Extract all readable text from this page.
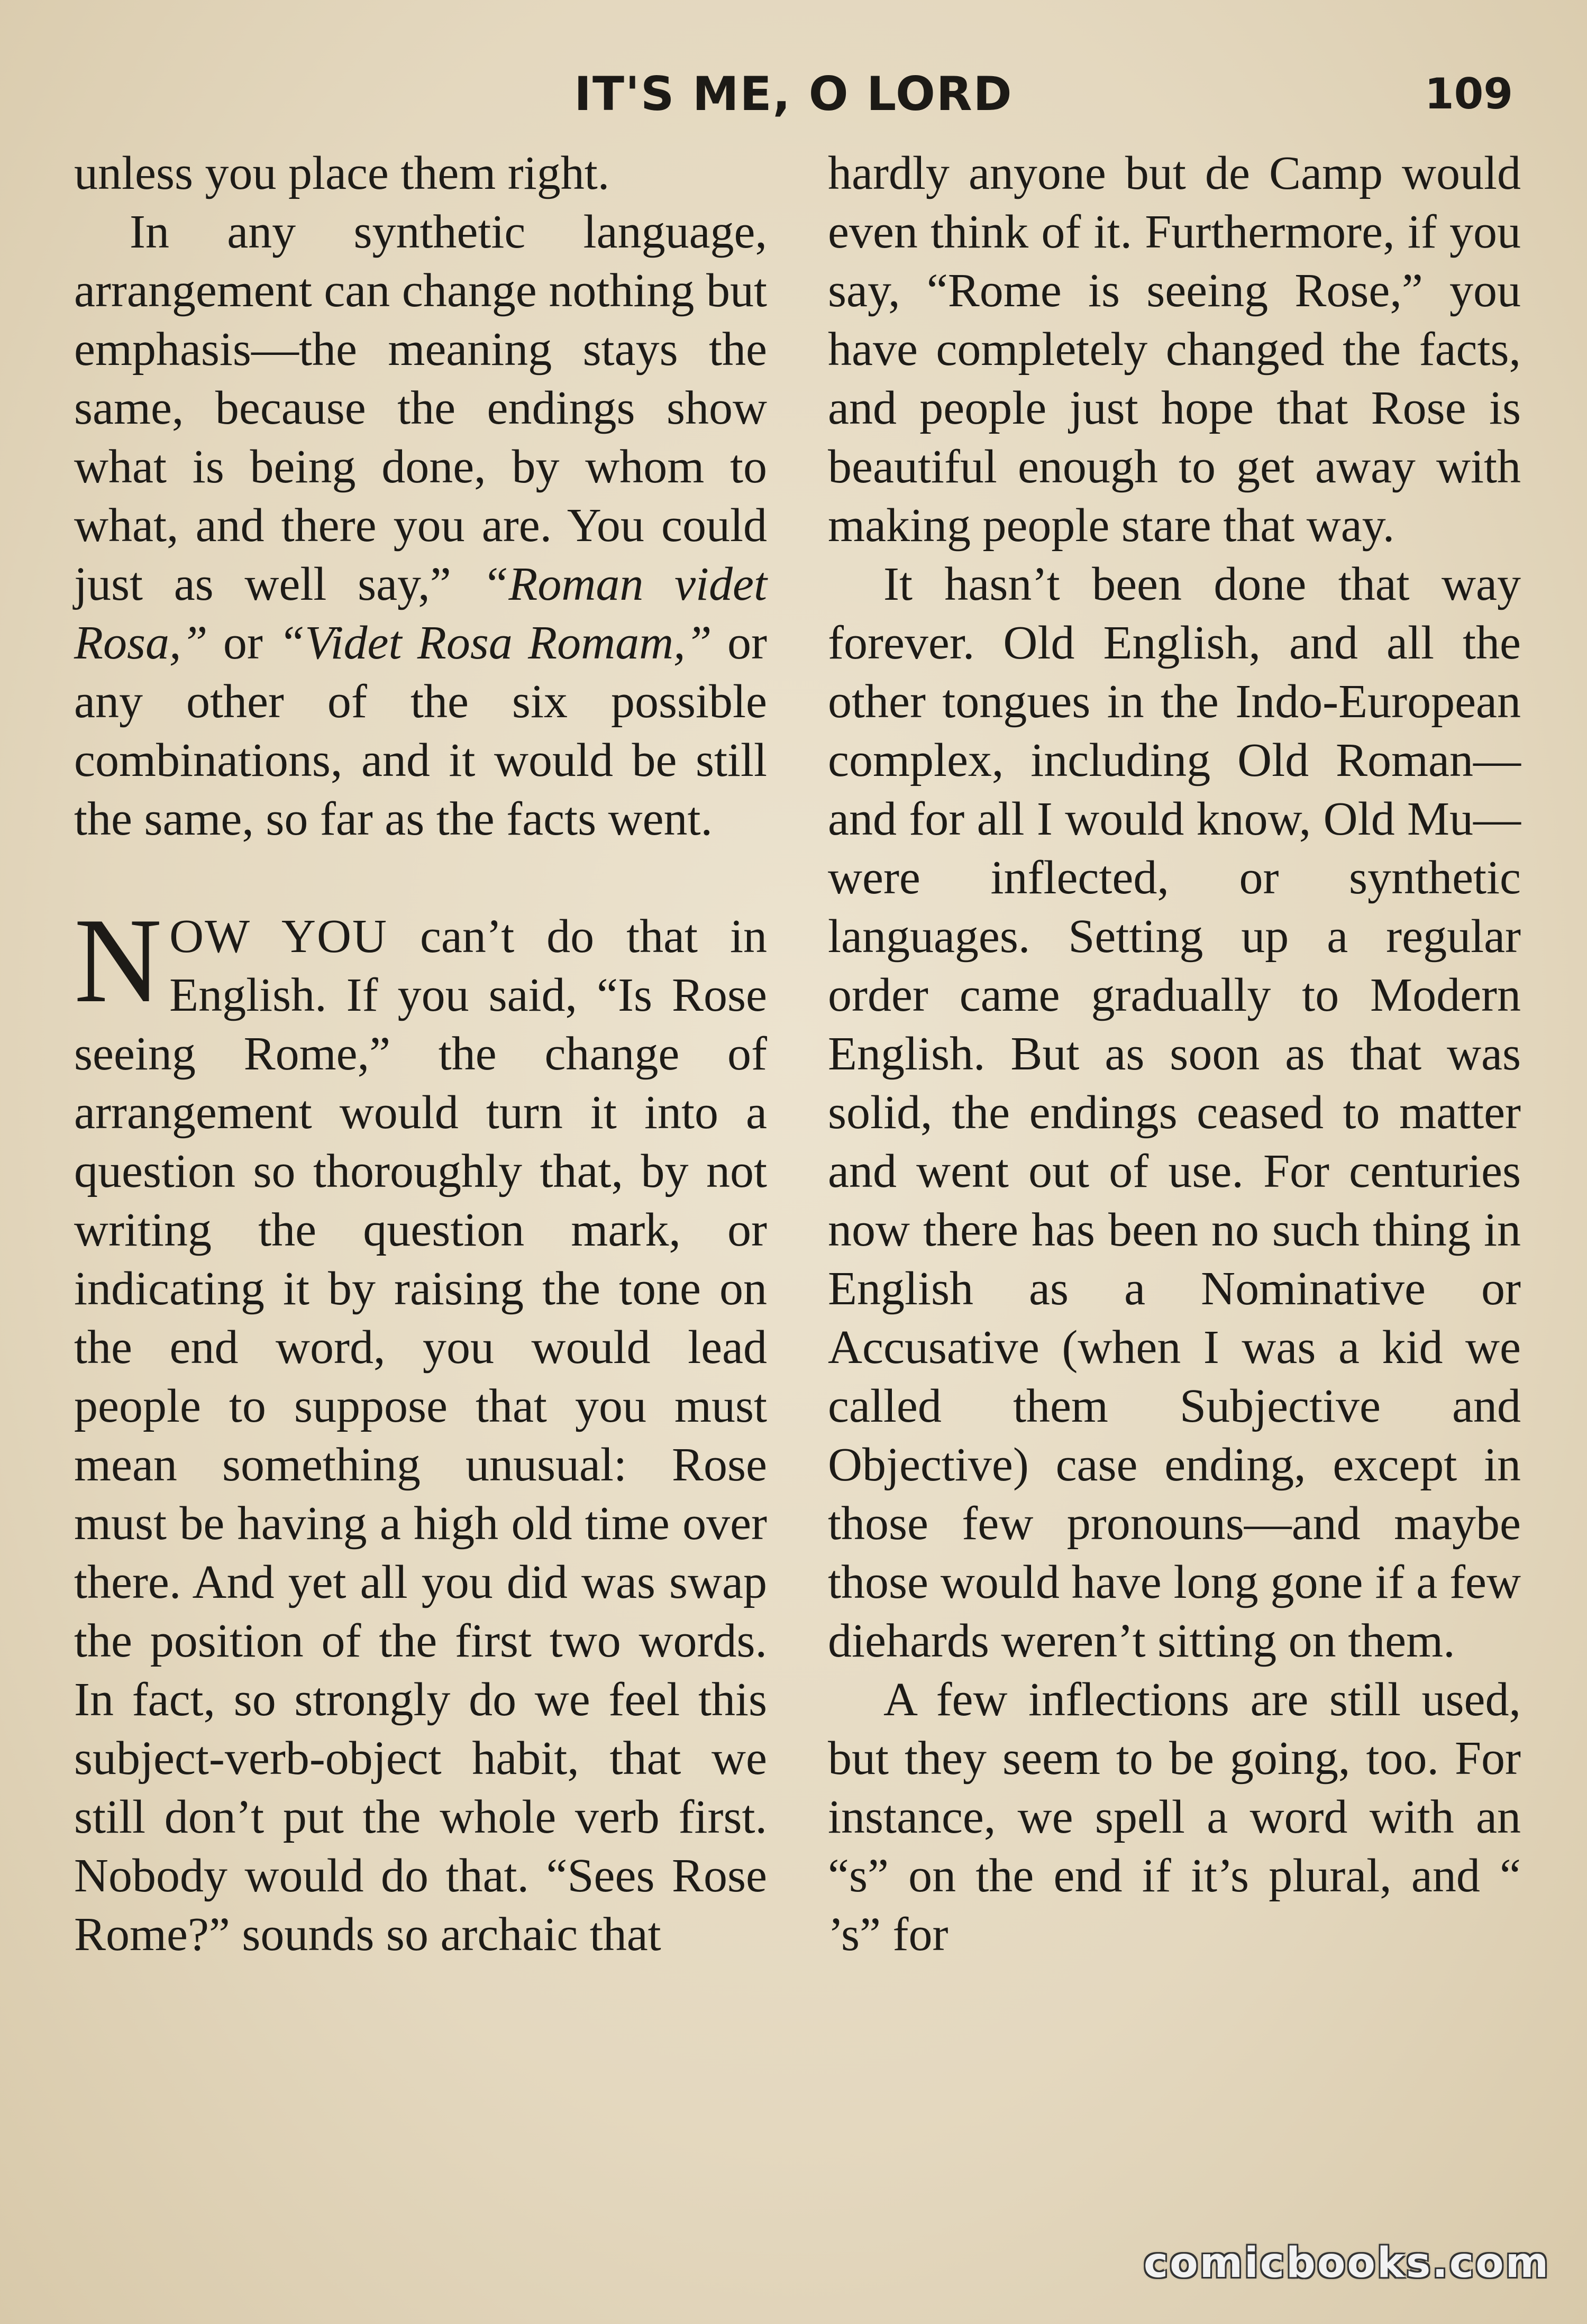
IT'S ME, O LORD	109

unless you place them right.

In any synthetic language, arrangement can change nothing but emphasis—the meaning stays the same, because the endings show what is being done, by whom to what, and there you are. You could just as well say,” “Roman videt Rosa,” or “Videt Rosa Romam,” or any other of the six possible combinations, and it would be still the same, so far as the facts went.

NOW YOU can’t do that in English. If you said, “Is Rose seeing Rome,” the change of arrangement would turn it into a question so thoroughly that, by not writing the question mark, or indicating it by raising the tone on the end word, you would lead people to suppose that you must mean something unusual: Rose must be having a high old time over there. And yet all you did was swap the position of the first two words. In fact, so strongly do we feel this subject-verb-object habit, that we still don’t put the whole verb first. Nobody would do that. “Sees Rose Rome?” sounds so archaic that

hardly anyone but de Camp would even think of it. Furthermore, if you say, “Rome is seeing Rose,” you have completely changed the facts, and people just hope that Rose is beautiful enough to get away with making people stare that way.

It hasn’t been done that way forever. Old English, and all the other tongues in the Indo-European complex, including Old Roman—and for all I would know, Old Mu—were inflected, or synthetic languages. Setting up a regular order came gradually to Modern English. But as soon as that was solid, the endings ceased to matter and went out of use. For centuries now there has been no such thing in English as a Nominative or Accusative (when I was a kid we called them Subjective and Objective) case ending, except in those few pronouns—and maybe those would have long gone if a few diehards weren’t sitting on them.

A few inflections are still used, but they seem to be going, too. For instance, we spell a word with an “s” on the end if it’s plural, and “ ’s” for

comicbooks.com
